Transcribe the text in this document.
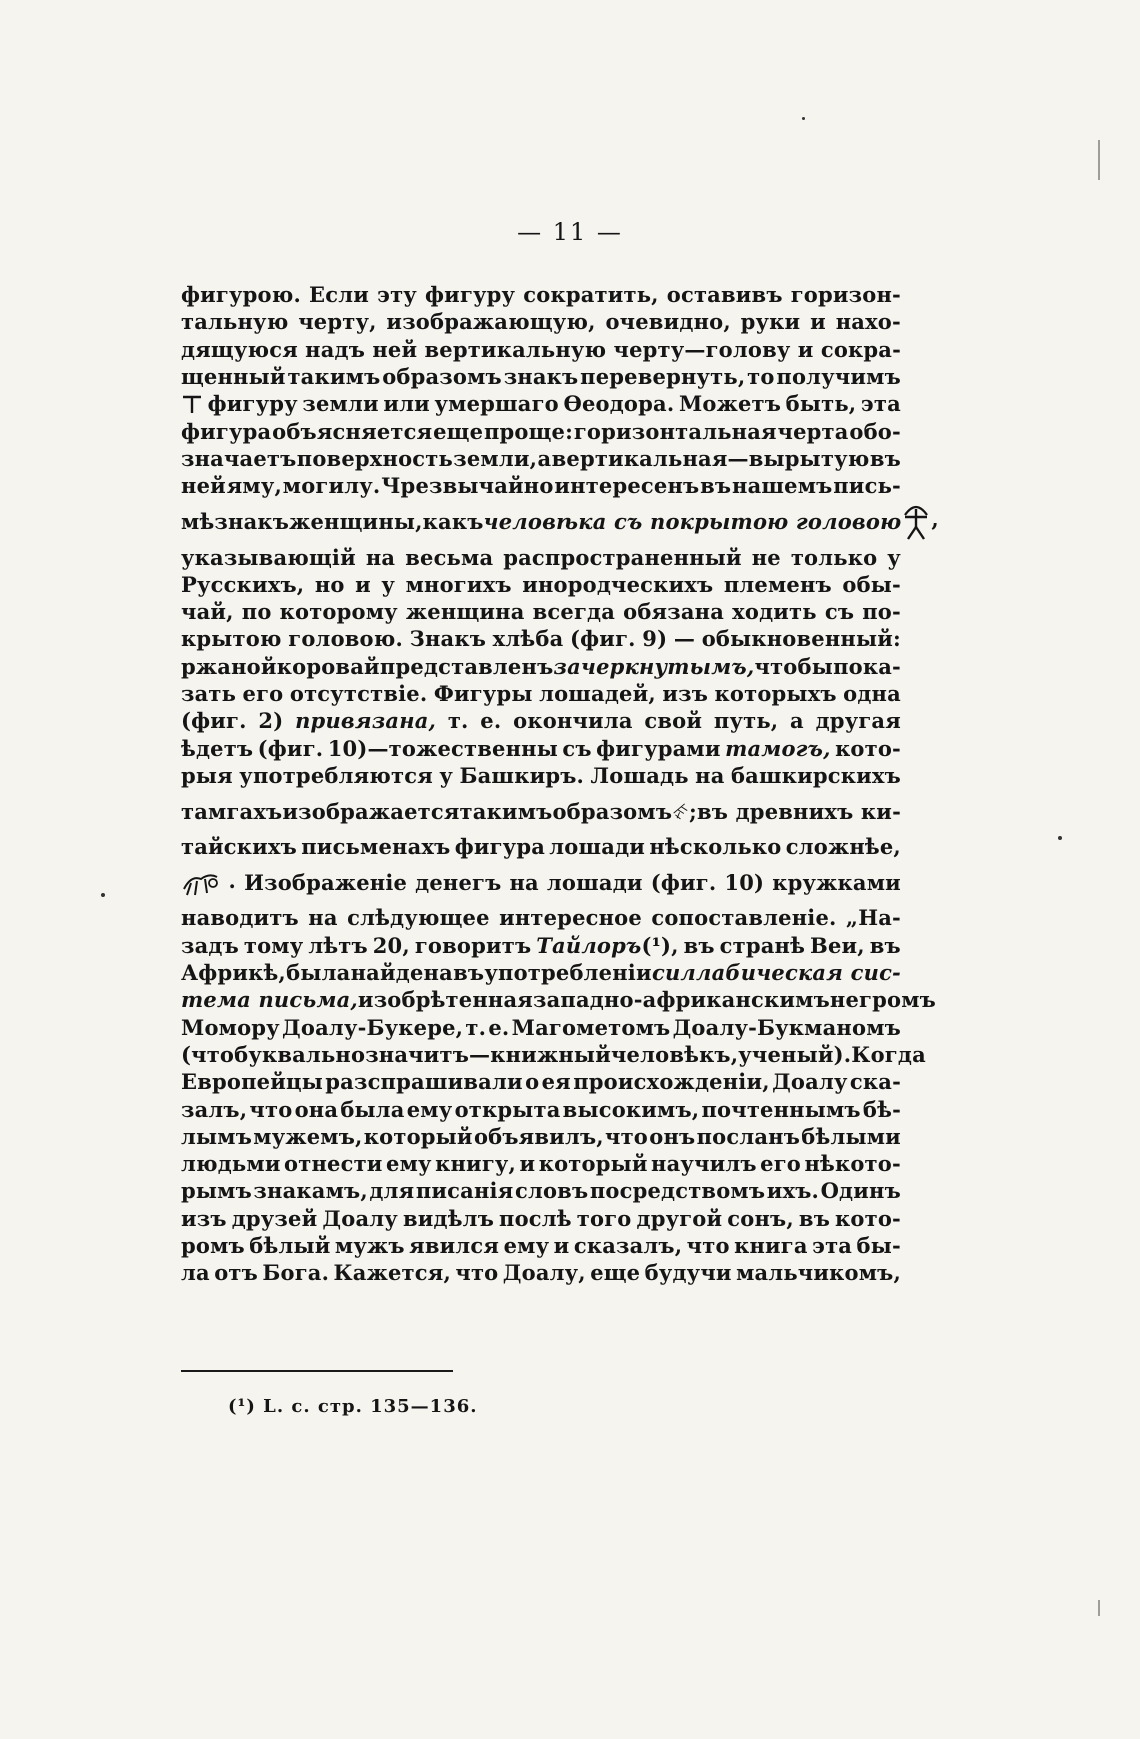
— 11 —
фигурою. Если эту фигуру сократить, оставивъ горизон-
тальную черту, изображающую, очевидно, руки и нахо-
дящуюся надъ ней вертикальную черту—голову и сокра-
щенный такимъ образомъ знакъ перевернуть, то получимъ
фигуру земли или умершаго Ѳеодора. Можетъ быть, эта
фигура объясняется еще проще: горизонтальная черта обо-
значаетъ поверхность земли, а вертикальная—вырытую въ
ней яму, могилу. Чрезвычайно интересенъ въ нашемъ пись-
мѣ знакъ женщины, какъ человѣка съ покрытою головою	,
указывающій на весьма распространенный не только у
Русскихъ, но и у многихъ инородческихъ племенъ обы-
чай, по которому женщина всегда обязана ходить съ по-
крытою головою. Знакъ хлѣба (фиг. 9) — обыкновенный:
ржаной коровай представленъ зачеркнутымъ, чтобы пока-
зать его отсутствіе. Фигуры лошадей, изъ которыхъ одна
(фиг. 2) привязана, т. е. окончила свой путь, а другая
ѣдетъ (фиг. 10)—тожественны съ фигурами тамогъ, кото-
рыя употребляются у Башкиръ. Лошадь на башкирскихъ
тамгахъ изображается такимъ образомъ ;въ древнихъ ки-
тайскихъ письменахъ фигура лошади нѣсколько сложнѣе,
. Изображеніе денегъ на лошади (фиг. 10) кружками
наводитъ на слѣдующее интересное сопоставленіе. „На-
задъ тому лѣтъ 20, говоритъ Тайлоръ(¹), въ странѣ Веи, въ
Африкѣ, была найдена въ употребленіи силлабическая сис-
тема письма, изобрѣтенная западно-африканскимъ негромъ
Момору Доалу-Букере, т. е. Магометомъ Доалу-Букманомъ
(что буквально значитъ—книжный человѣкъ, ученый). Когда
Европейцы разспрашивали о ея происхожденіи, Доалу ска-
залъ, что она была ему открыта высокимъ, почтеннымъ бѣ-
лымъ мужемъ, который объявилъ, что онъ посланъ бѣлыми
людьми отнести ему книгу, и который научилъ его нѣкото-
рымъ знакамъ, для писанія словъ посредствомъ ихъ. Одинъ
изъ друзей Доалу видѣлъ послѣ того другой сонъ, въ кото-
ромъ бѣлый мужъ явился ему и сказалъ, что книга эта бы-
ла отъ Бога. Кажется, что Доалу, еще будучи мальчикомъ,
(¹) L. c. стр. 135—136.
